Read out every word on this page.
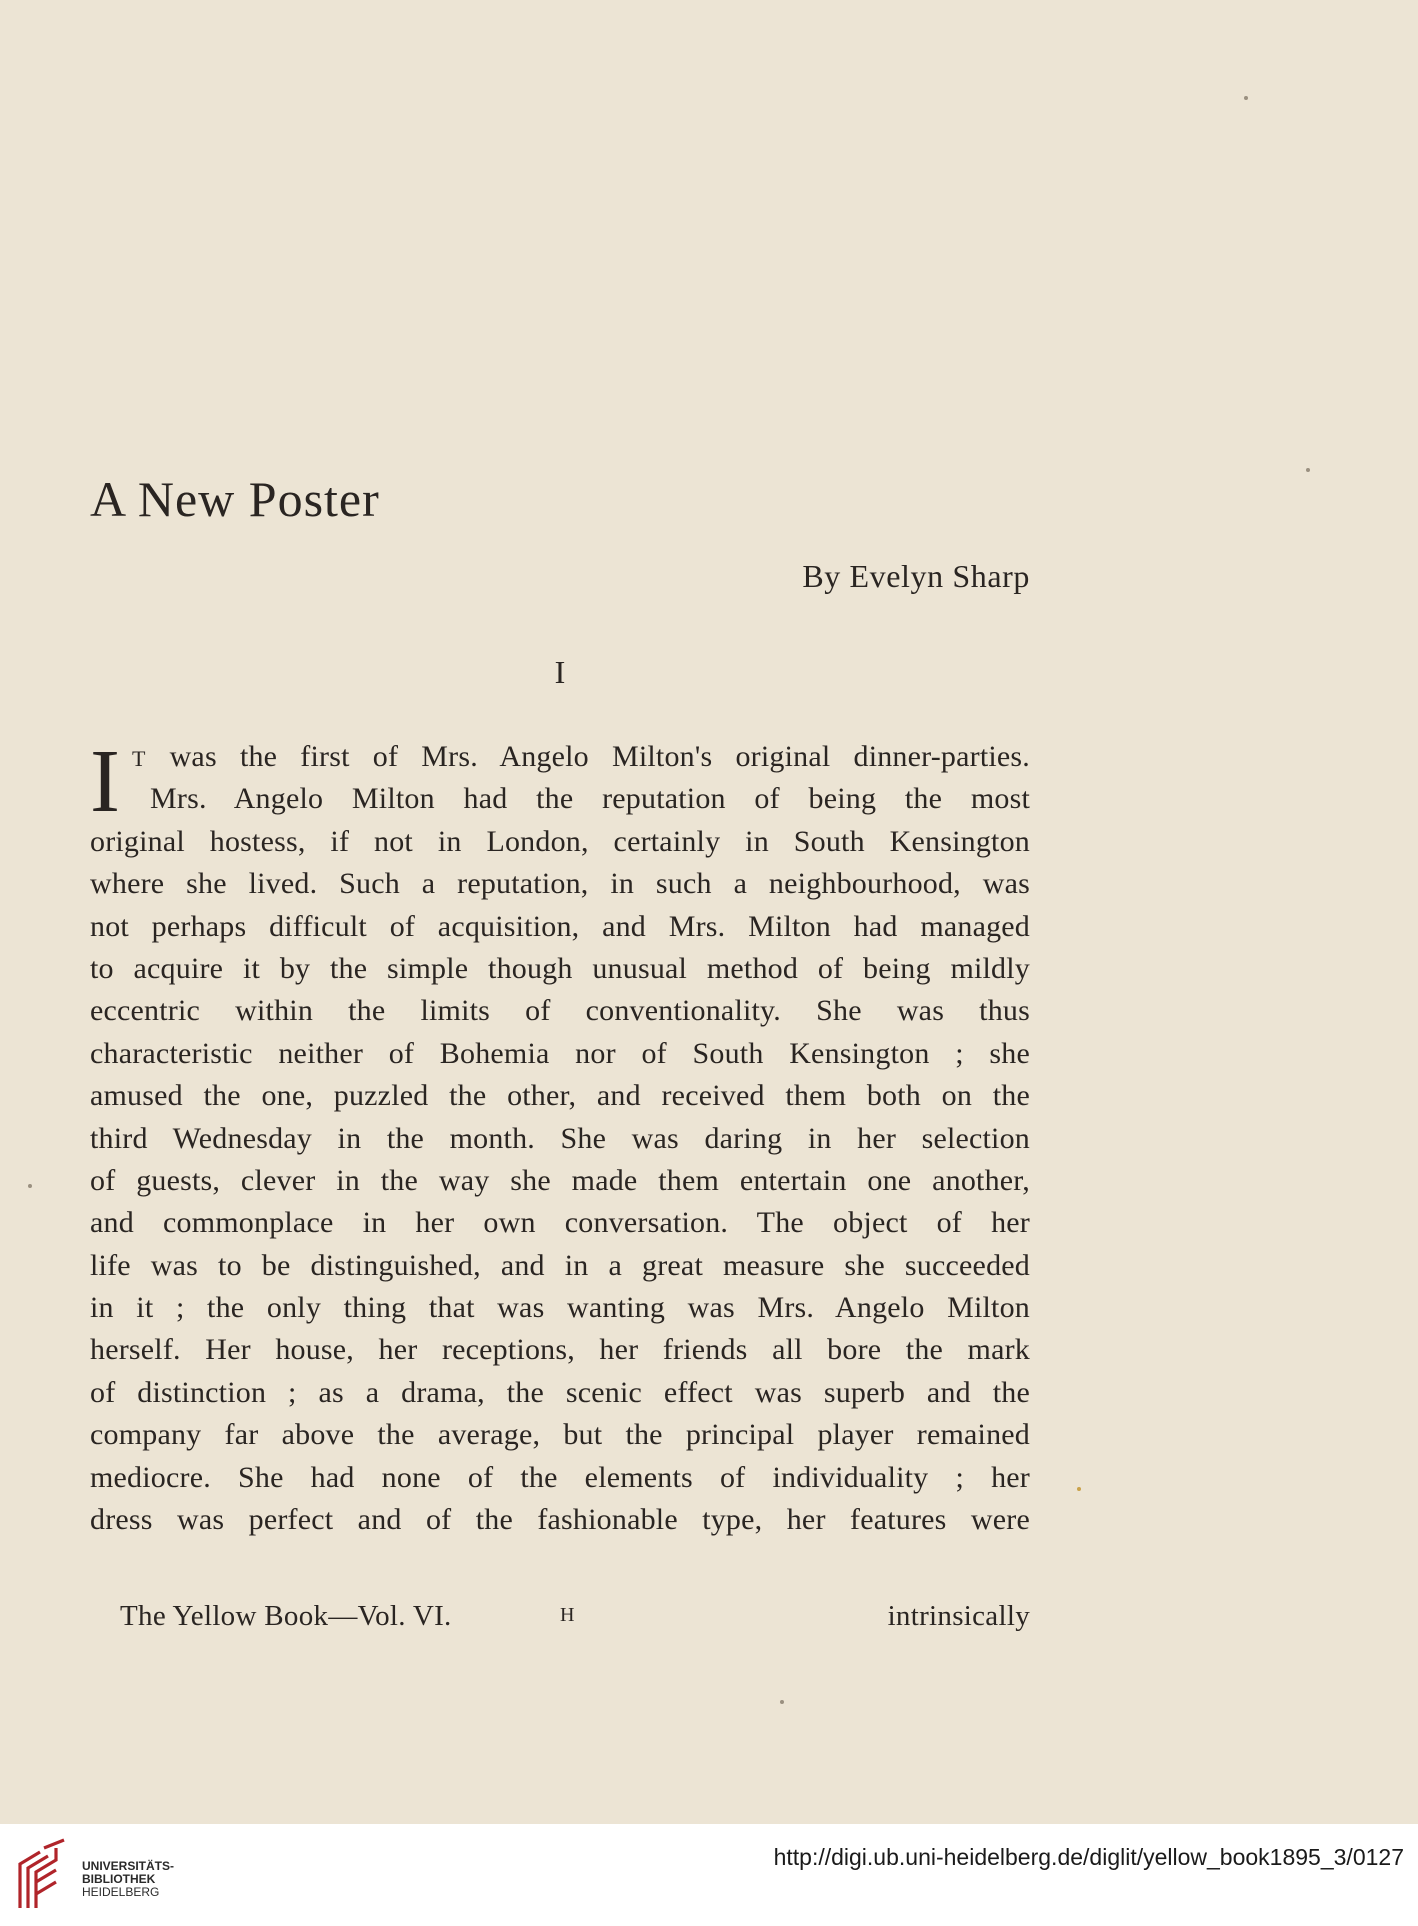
A New Poster
By Evelyn Sharp
I
I T was the first of Mrs. Angelo Milton's original dinner-parties.
Mrs. Angelo Milton had the reputation of being the most
original hostess, if not in London, certainly in South Kensington
where she lived. Such a reputation, in such a neighbourhood, was
not perhaps difficult of acquisition, and Mrs. Milton had managed
to acquire it by the simple though unusual method of being mildly
eccentric within the limits of conventionality. She was thus
characteristic neither of Bohemia nor of South Kensington ; she
amused the one, puzzled the other, and received them both on the
third Wednesday in the month. She was daring in her selection
of guests, clever in the way she made them entertain one another,
and commonplace in her own conversation. The object of her
life was to be distinguished, and in a great measure she succeeded
in it ; the only thing that was wanting was Mrs. Angelo Milton
herself. Her house, her receptions, her friends all bore the mark
of distinction ; as a drama, the scenic effect was superb and the
company far above the average, but the principal player remained
mediocre. She had none of the elements of individuality ; her
dress was perfect and of the fashionable type, her features were
The Yellow Book—Vol. VI.	H	intrinsically
UNIVERSITÄTS-
BIBLIOTHEK
HEIDELBERG
http://digi.ub.uni-heidelberg.de/diglit/yellow_book1895_3/0127
